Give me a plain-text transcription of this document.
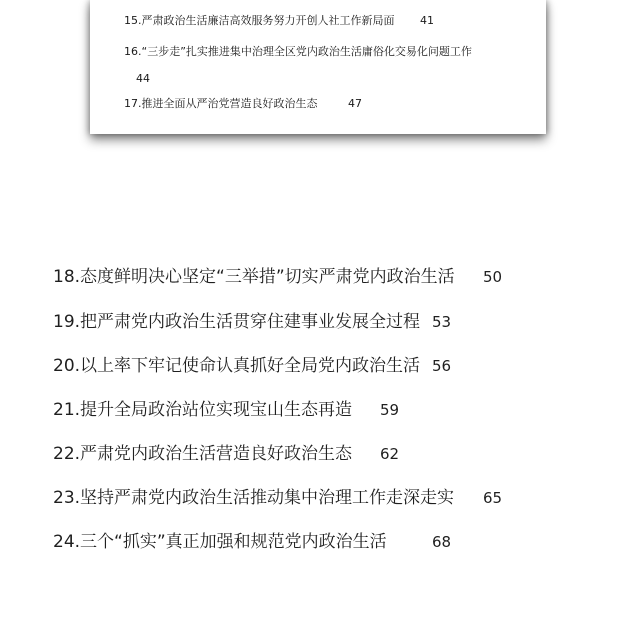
15.严肃政治生活廉洁高效服务努力开创人社工作新局面 41
16.“三步走”扎实推进集中治理全区党内政治生活庸俗化交易化问题工作
44
17.推进全面从严治党营造良好政治生态	47
18.态度鲜明决心坚定“三举措”切实严肃党内政治生活 50
19.把严肃党内政治生活贯穿住建事业发展全过程 53
20.以上率下牢记使命认真抓好全局党内政治生活 56
21.提升全局政治站位实现宝山生态再造 59
22.严肃党内政治生活营造良好政治生态 62
23.坚持严肃党内政治生活推动集中治理工作走深走实 65
24.三个“抓实”真正加强和规范党内政治生活	68
